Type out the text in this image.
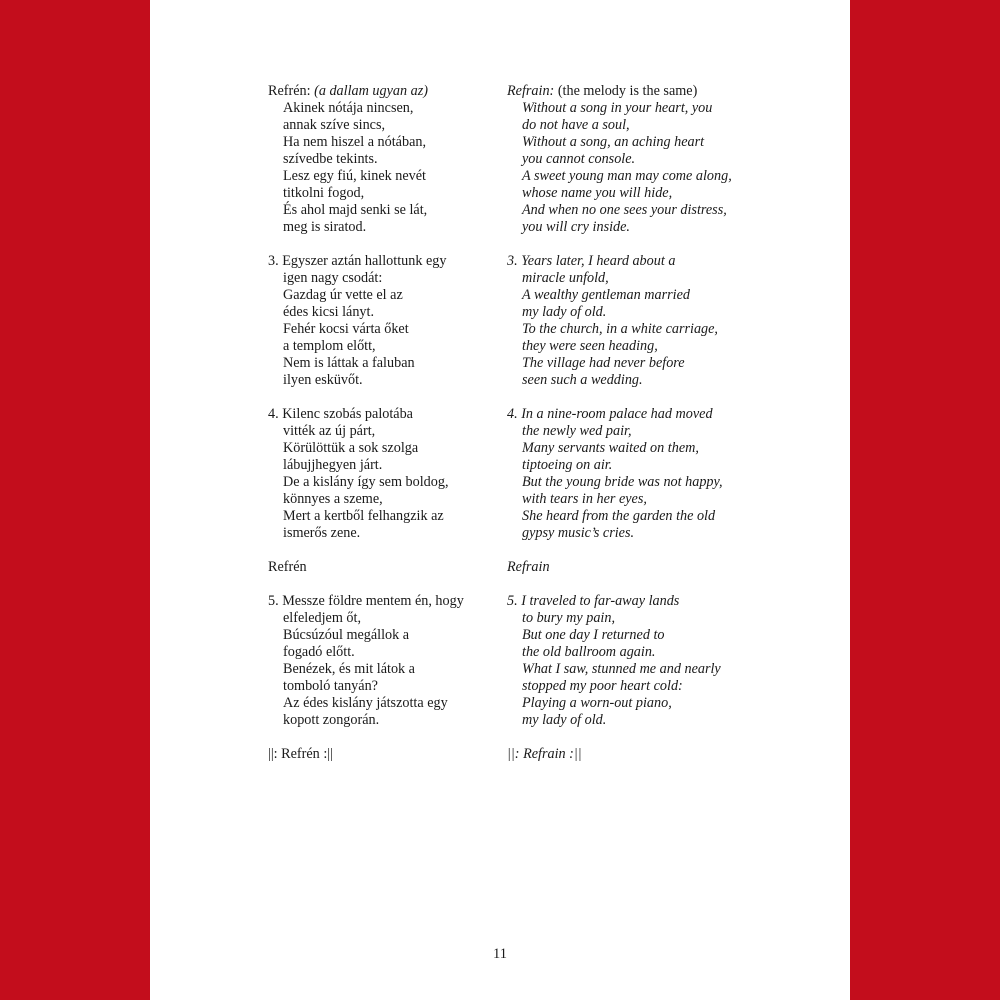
Refrén: (a dallam ugyan az)
Akinek nótája nincsen,
annak szíve sincs,
Ha nem hiszel a nótában,
szívedbe tekints.
Lesz egy fiú, kinek nevét
titkolni fogod,
És ahol majd senki se lát,
meg is siratod.
3. Egyszer aztán hallottunk egy
igen nagy csodát:
Gazdag úr vette el az
édes kicsi lányt.
Fehér kocsi várta őket
a templom előtt,
Nem is láttak a faluban
ilyen esküvőt.
4. Kilenc szobás palotába
vitték az új párt,
Körülöttük a sok szolga
lábujjhegyen járt.
De a kislány így sem boldog,
könnyes a szeme,
Mert a kertből felhangzik az
ismerős zene.
Refrén
5. Messze földre mentem én, hogy
elfeledjem őt,
Búcsúzóul megállok a
fogadó előtt.
Benézek, és mit látok a
tomboló tanyán?
Az édes kislány játszotta egy
kopott zongorán.
||: Refrén :||
Refrain: (the melody is the same)
Without a song in your heart, you
do not have a soul,
Without a song, an aching heart
you cannot console.
A sweet young man may come along,
whose name you will hide,
And when no one sees your distress,
you will cry inside.
3. Years later, I heard about a
miracle unfold,
A wealthy gentleman married
my lady of old.
To the church, in a white carriage,
they were seen heading,
The village had never before
seen such a wedding.
4. In a nine-room palace had moved
the newly wed pair,
Many servants waited on them,
tiptoeing on air.
But the young bride was not happy,
with tears in her eyes,
She heard from the garden the old
gypsy music’s cries.
Refrain
5. I traveled to far-away lands
to bury my pain,
But one day I returned to
the old ballroom again.
What I saw, stunned me and nearly
stopped my poor heart cold:
Playing a worn-out piano,
my lady of old.
||: Refrain :||
11
